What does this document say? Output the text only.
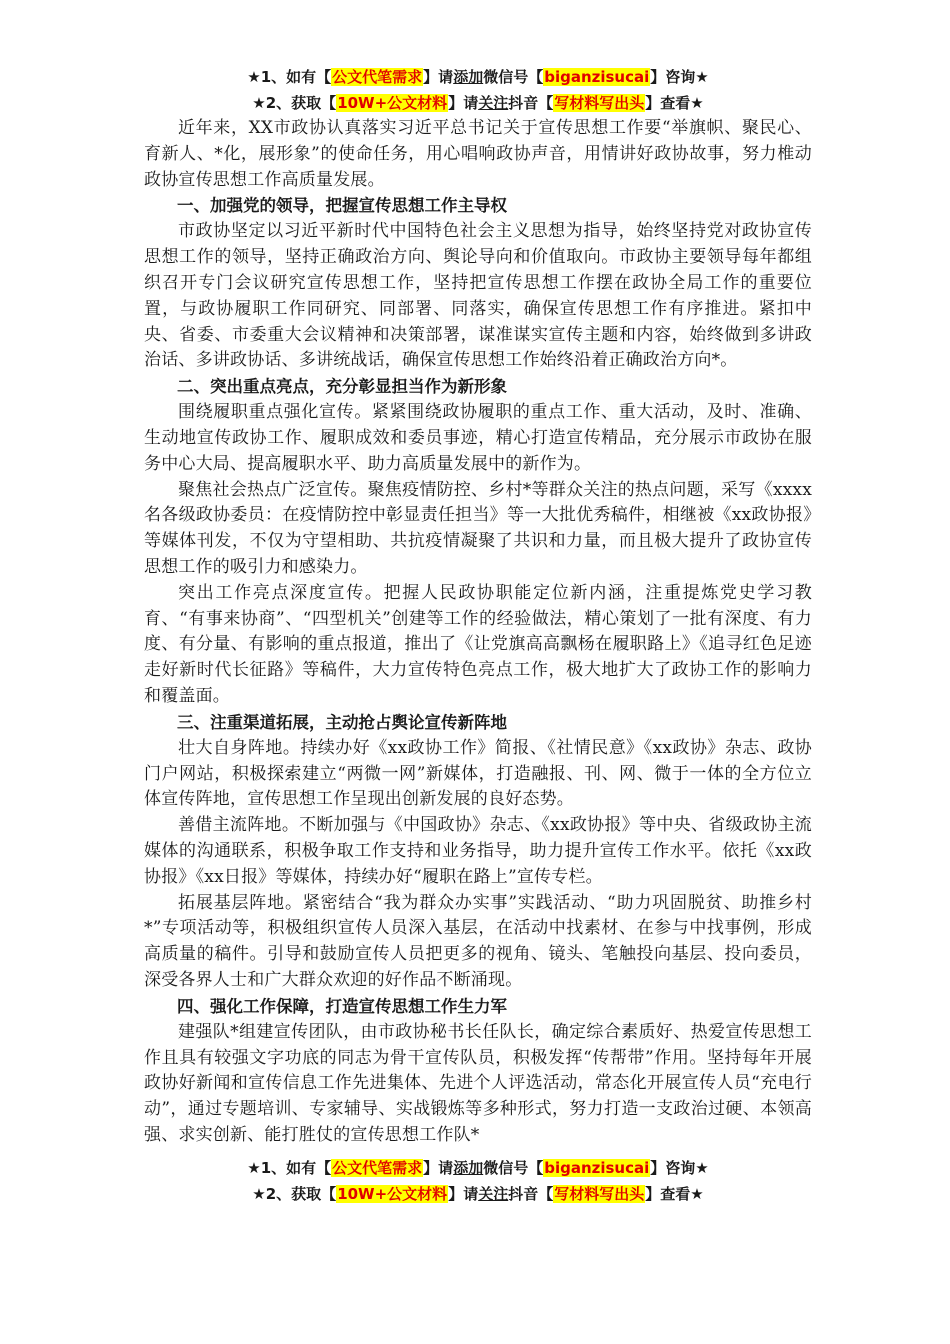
★1、如有【公文代笔需求】请添加微信号【biganzisucai】咨询★
★2、获取【10W+公文材料】请关注抖音【写材料写出头】查看★

近年来，XX市政协认真落实习近平总书记关于宣传思想工作要“举旗帜、聚民心、育新人、*化，展形象”的使命任务，用心唱响政协声音，用情讲好政协故事，努力椎动政协宣传思想工作高质量发展。

一、加强党的领导，把握宣传思想工作主导权

市政协坚定以习近平新时代中国特色社会主义思想为指导，始终坚持党对政协宣传思想工作的领导，坚持正确政治方向、舆论导向和价值取向。市政协主要领导每年都组织召开专门会议研究宣传思想工作，坚持把宣传思想工作摆在政协全局工作的重要位置，与政协履职工作同研究、同部署、同落实，确保宣传思想工作有序推进。紧扣中央、省委、市委重大会议精神和决策部署，谋准谋实宣传主题和内容，始终做到多讲政治话、多讲政协话、多讲统战话，确保宣传思想工作始终沿着正确政治方向*。

二、突出重点亮点，充分彰显担当作为新形象

围绕履职重点强化宣传。紧紧围绕政协履职的重点工作、重大活动，及时、准确、生动地宣传政协工作、履职成效和委员事迹，精心打造宣传精品，充分展示市政协在服务中心大局、提高履职水平、助力高质量发展中的新作为。

聚焦社会热点广泛宣传。聚焦疫情防控、乡村*等群众关注的热点问题，采写《xxxx名各级政协委员：在疫情防控中彰显责任担当》等一大批优秀稿件，相继被《xx政协报》等媒体刊发，不仅为守望相助、共抗疫情凝聚了共识和力量，而且极大提升了政协宣传思想工作的吸引力和感染力。

突出工作亮点深度宣传。把握人民政协职能定位新内涵，注重提炼党史学习教育、“有事来协商”、“四型机关”创建等工作的经验做法，精心策划了一批有深度、有力度、有分量、有影响的重点报道，推出了《让党旗高高飘杨在履职路上》《追寻红色足迹走好新时代长征路》等稿件，大力宣传特色亮点工作，极大地扩大了政协工作的影响力和覆盖面。

三、注重渠道拓展，主动抢占舆论宣传新阵地

壮大自身阵地。持续办好《xx政协工作》简报、《社情民意》《xx政协》杂志、政协门户网站，积极探索建立“两微一网”新媒体，打造融报、刊、网、微于一体的全方位立体宣传阵地，宣传思想工作呈现出创新发展的良好态势。

善借主流阵地。不断加强与《中国政协》杂志、《xx政协报》等中央、省级政协主流媒体的沟通联系，积极争取工作支持和业务指导，助力提升宣传工作水平。依托《xx政协报》《xx日报》等媒体，持续办好“履职在路上”宣传专栏。

拓展基层阵地。紧密结合“我为群众办实事”实践活动、“助力巩固脱贫、助推乡村*”专项活动等，积极组织宣传人员深入基层，在活动中找素材、在参与中找事例，形成高质量的稿件。引导和鼓励宣传人员把更多的视角、镜头、笔触投向基层、投向委员，深受各界人士和广大群众欢迎的好作品不断涌现。

四、强化工作保障，打造宣传思想工作生力军

建强队*组建宣传团队，由市政协秘书长任队长，确定综合素质好、热爱宣传思想工作且具有较强文字功底的同志为骨干宣传队员，积极发挥“传帮带”作用。坚持每年开展政协好新闻和宣传信息工作先进集体、先进个人评选活动，常态化开展宣传人员“充电行动”，通过专题培训、专家辅导、实战锻炼等多种形式，努力打造一支政治过硬、本领高强、求实创新、能打胜仗的宣传思想工作队*

★1、如有【公文代笔需求】请添加微信号【biganzisucai】咨询★
★2、获取【10W+公文材料】请关注抖音【写材料写出头】查看★
